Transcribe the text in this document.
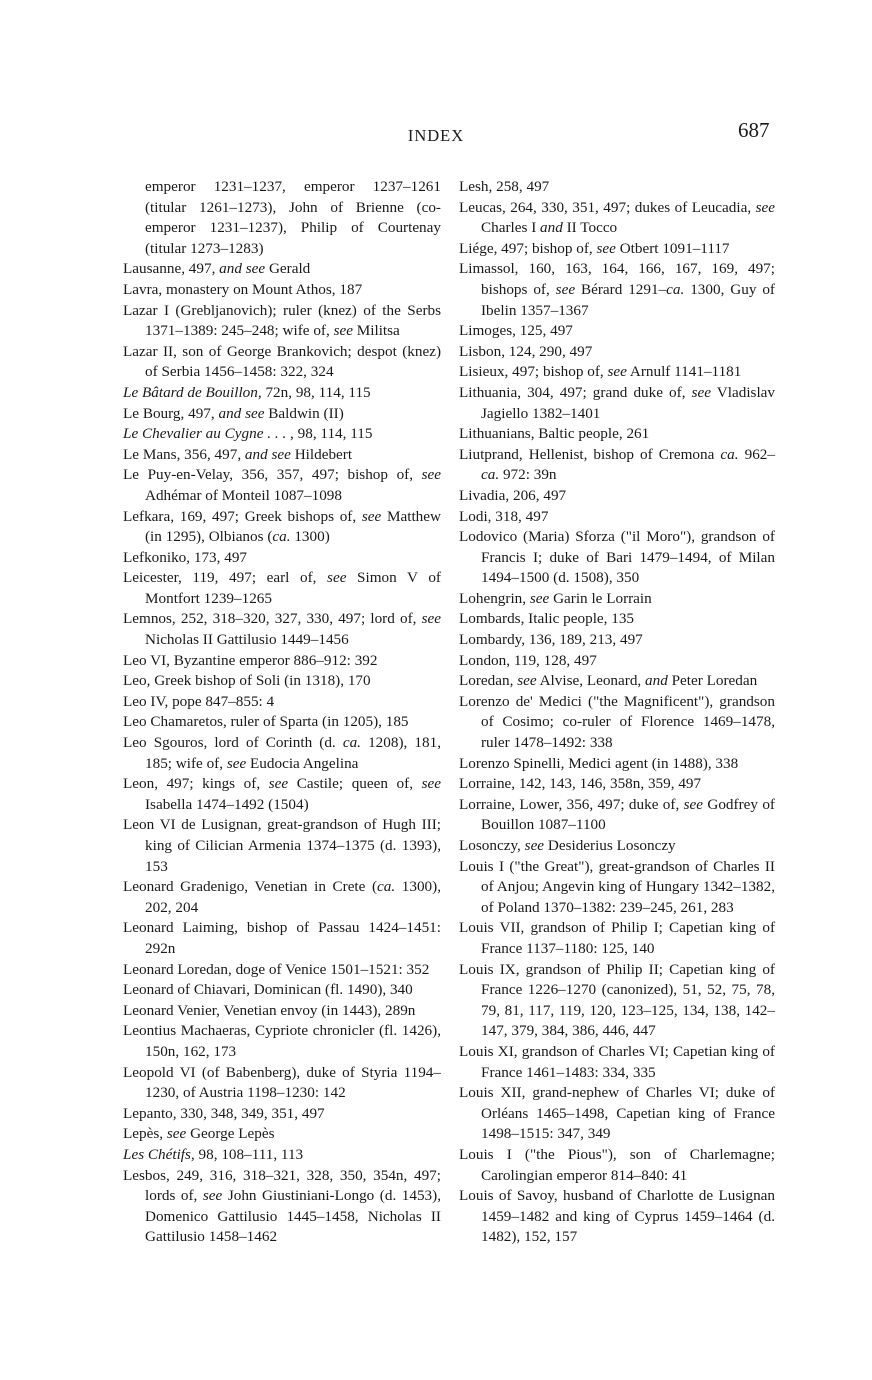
INDEX	687
emperor 1231–1237, emperor 1237–1261 (titular 1261–1273), John of Brienne (co-emperor 1231–1237), Philip of Courtenay (titular 1273–1283)
Lausanne, 497, and see Gerald
Lavra, monastery on Mount Athos, 187
Lazar I (Grebljanovich); ruler (knez) of the Serbs 1371–1389: 245–248; wife of, see Militsa
Lazar II, son of George Brankovich; despot (knez) of Serbia 1456–1458: 322, 324
Le Bâtard de Bouillon, 72n, 98, 114, 115
Le Bourg, 497, and see Baldwin (II)
Le Chevalier au Cygne . . . , 98, 114, 115
Le Mans, 356, 497, and see Hildebert
Le Puy-en-Velay, 356, 357, 497; bishop of, see Adhémar of Monteil 1087–1098
Lefkara, 169, 497; Greek bishops of, see Matthew (in 1295), Olbianos (ca. 1300)
Lefkoniko, 173, 497
Leicester, 119, 497; earl of, see Simon V of Montfort 1239–1265
Lemnos, 252, 318–320, 327, 330, 497; lord of, see Nicholas II Gattilusio 1449–1456
Leo VI, Byzantine emperor 886–912: 392
Leo, Greek bishop of Soli (in 1318), 170
Leo IV, pope 847–855: 4
Leo Chamaretos, ruler of Sparta (in 1205), 185
Leo Sgouros, lord of Corinth (d. ca. 1208), 181, 185; wife of, see Eudocia Angelina
Leon, 497; kings of, see Castile; queen of, see Isabella 1474–1492 (1504)
Leon VI de Lusignan, great-grandson of Hugh III; king of Cilician Armenia 1374–1375 (d. 1393), 153
Leonard Gradenigo, Venetian in Crete (ca. 1300), 202, 204
Leonard Laiming, bishop of Passau 1424–1451: 292n
Leonard Loredan, doge of Venice 1501–1521: 352
Leonard of Chiavari, Dominican (fl. 1490), 340
Leonard Venier, Venetian envoy (in 1443), 289n
Leontius Machaeras, Cypriote chronicler (fl. 1426), 150n, 162, 173
Leopold VI (of Babenberg), duke of Styria 1194–1230, of Austria 1198–1230: 142
Lepanto, 330, 348, 349, 351, 497
Lepès, see George Lepès
Les Chétifs, 98, 108–111, 113
Lesbos, 249, 316, 318–321, 328, 350, 354n, 497; lords of, see John Giustiniani-Longo (d. 1453), Domenico Gattilusio 1445–1458, Nicholas II Gattilusio 1458–1462
Lesh, 258, 497
Leucas, 264, 330, 351, 497; dukes of Leucadia, see Charles I and II Tocco
Liége, 497; bishop of, see Otbert 1091–1117
Limassol, 160, 163, 164, 166, 167, 169, 497; bishops of, see Bérard 1291–ca. 1300, Guy of Ibelin 1357–1367
Limoges, 125, 497
Lisbon, 124, 290, 497
Lisieux, 497; bishop of, see Arnulf 1141–1181
Lithuania, 304, 497; grand duke of, see Vladislav Jagiello 1382–1401
Lithuanians, Baltic people, 261
Liutprand, Hellenist, bishop of Cremona ca. 962–ca. 972: 39n
Livadia, 206, 497
Lodi, 318, 497
Lodovico (Maria) Sforza ("il Moro"), grandson of Francis I; duke of Bari 1479–1494, of Milan 1494–1500 (d. 1508), 350
Lohengrin, see Garin le Lorrain
Lombards, Italic people, 135
Lombardy, 136, 189, 213, 497
London, 119, 128, 497
Loredan, see Alvise, Leonard, and Peter Loredan
Lorenzo de' Medici ("the Magnificent"), grandson of Cosimo; co-ruler of Florence 1469–1478, ruler 1478–1492: 338
Lorenzo Spinelli, Medici agent (in 1488), 338
Lorraine, 142, 143, 146, 358n, 359, 497
Lorraine, Lower, 356, 497; duke of, see Godfrey of Bouillon 1087–1100
Losonczy, see Desiderius Losonczy
Louis I ("the Great"), great-grandson of Charles II of Anjou; Angevin king of Hungary 1342–1382, of Poland 1370–1382: 239–245, 261, 283
Louis VII, grandson of Philip I; Capetian king of France 1137–1180: 125, 140
Louis IX, grandson of Philip II; Capetian king of France 1226–1270 (canonized), 51, 52, 75, 78, 79, 81, 117, 119, 120, 123–125, 134, 138, 142–147, 379, 384, 386, 446, 447
Louis XI, grandson of Charles VI; Capetian king of France 1461–1483: 334, 335
Louis XII, grand-nephew of Charles VI; duke of Orléans 1465–1498, Capetian king of France 1498–1515: 347, 349
Louis I ("the Pious"), son of Charlemagne; Carolingian emperor 814–840: 41
Louis of Savoy, husband of Charlotte de Lusignan 1459–1482 and king of Cyprus 1459–1464 (d. 1482), 152, 157
